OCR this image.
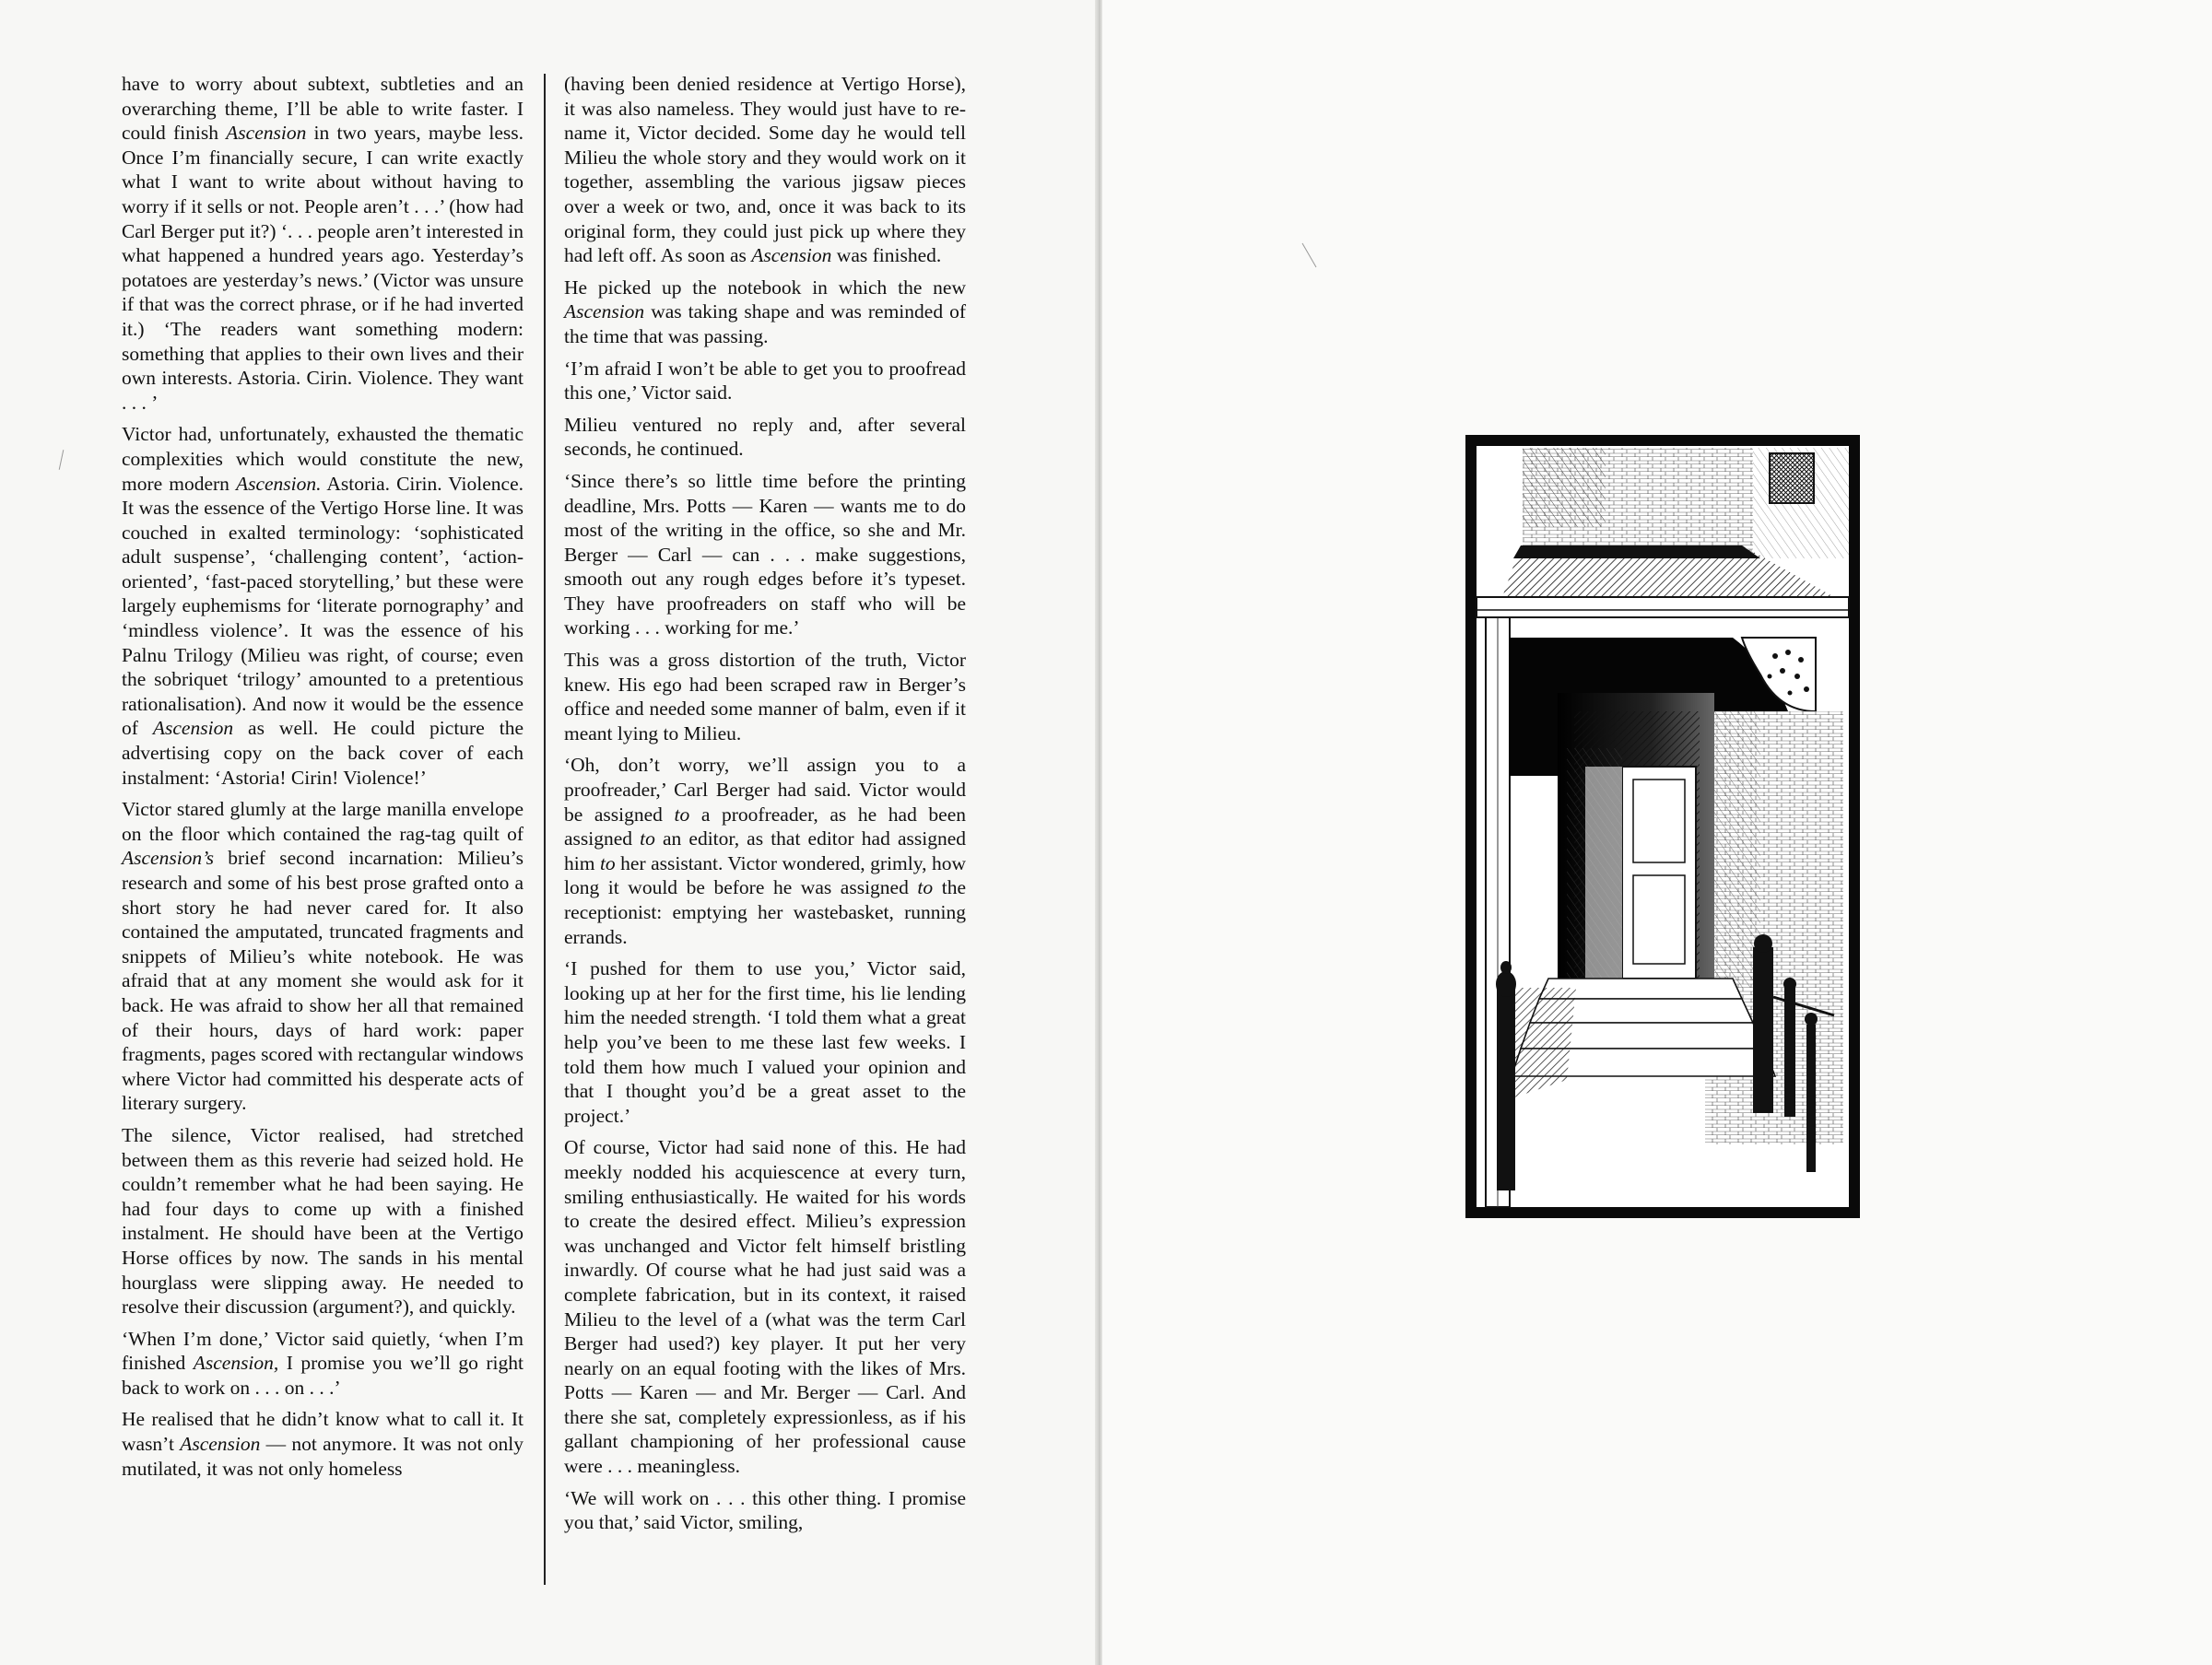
have to worry about subtext, subtleties and an overarching theme, I’ll be able to write faster. I could finish Ascension in two years, maybe less. Once I’m financially secure, I can write exactly what I want to write about without having to worry if it sells or not. People aren’t . . .’ (how had Carl Berger put it?) ‘. . . people aren’t interested in what happened a hundred years ago. Yesterday’s potatoes are yesterday’s news.’ (Victor was unsure if that was the correct phrase, or if he had inverted it.) ‘The readers want something modern: something that applies to their own lives and their own interests. Astoria. Cirin. Violence. They want . . . ’

Victor had, unfortunately, exhausted the thematic complexities which would constitute the new, more modern Ascension. Astoria. Cirin. Violence. It was the essence of the Vertigo Horse line. It was couched in exalted terminology: ‘sophisticated adult suspense’, ‘challenging content’, ‘action-oriented’, ‘fast-paced storytelling,’ but these were largely euphemisms for ‘literate pornography’ and ‘mindless violence’. It was the essence of his Palnu Trilogy (Milieu was right, of course; even the sobriquet ‘trilogy’ amounted to a pretentious rationalisation). And now it would be the essence of Ascension as well. He could picture the advertising copy on the back cover of each instalment: ‘Astoria! Cirin! Violence!’

Victor stared glumly at the large manilla envelope on the floor which contained the rag-tag quilt of Ascension’s brief second incarnation: Milieu’s research and some of his best prose grafted onto a short story he had never cared for. It also contained the amputated, truncated fragments and snippets of Milieu’s white notebook. He was afraid that at any moment she would ask for it back. He was afraid to show her all that remained of their hours, days of hard work: paper fragments, pages scored with rectangular windows where Victor had committed his desperate acts of literary surgery.

The silence, Victor realised, had stretched between them as this reverie had seized hold. He couldn’t remember what he had been saying. He had four days to come up with a finished instalment. He should have been at the Vertigo Horse offices by now. The sands in his mental hourglass were slipping away. He needed to resolve their discussion (argument?), and quickly.

‘When I’m done,’ Victor said quietly, ‘when I’m finished Ascension, I promise you we’ll go right back to work on . . . on . . .’

He realised that he didn’t know what to call it. It wasn’t Ascension — not anymore. It was not only mutilated, it was not only homeless

(having been denied residence at Vertigo Horse), it was also nameless. They would just have to re-name it, Victor decided. Some day he would tell Milieu the whole story and they would work on it together, assembling the various jigsaw pieces over a week or two, and, once it was back to its original form, they could just pick up where they had left off. As soon as Ascension was finished.

He picked up the notebook in which the new Ascension was taking shape and was reminded of the time that was passing.

‘I’m afraid I won’t be able to get you to proofread this one,’ Victor said.

Milieu ventured no reply and, after several seconds, he continued.

‘Since there’s so little time before the printing deadline, Mrs. Potts — Karen — wants me to do most of the writing in the office, so she and Mr. Berger — Carl — can . . . make suggestions, smooth out any rough edges before it’s typeset. They have proofreaders on staff who will be working . . . working for me.’

This was a gross distortion of the truth, Victor knew. His ego had been scraped raw in Berger’s office and needed some manner of balm, even if it meant lying to Milieu.

‘Oh, don’t worry, we’ll assign you to a proofreader,’ Carl Berger had said. Victor would be assigned to a proofreader, as he had been assigned to an editor, as that editor had assigned him to her assistant. Victor wondered, grimly, how long it would be before he was assigned to the receptionist: emptying her wastebasket, running errands.

‘I pushed for them to use you,’ Victor said, looking up at her for the first time, his lie lending him the needed strength. ‘I told them what a great help you’ve been to me these last few weeks. I told them how much I valued your opinion and that I thought you’d be a great asset to the project.’

Of course, Victor had said none of this. He had meekly nodded his acquiescence at every turn, smiling enthusiastically. He waited for his words to create the desired effect. Milieu’s expression was unchanged and Victor felt himself bristling inwardly. Of course what he had just said was a complete fabrication, but in its context, it raised Milieu to the level of a (what was the term Carl Berger had used?) key player. It put her very nearly on an equal footing with the likes of Mrs. Potts — Karen — and Mr. Berger — Carl. And there she sat, completely expressionless, as if his gallant championing of her professional cause were . . . meaningless.

‘We will work on . . . this other thing. I promise you that,’ said Victor, smiling,
